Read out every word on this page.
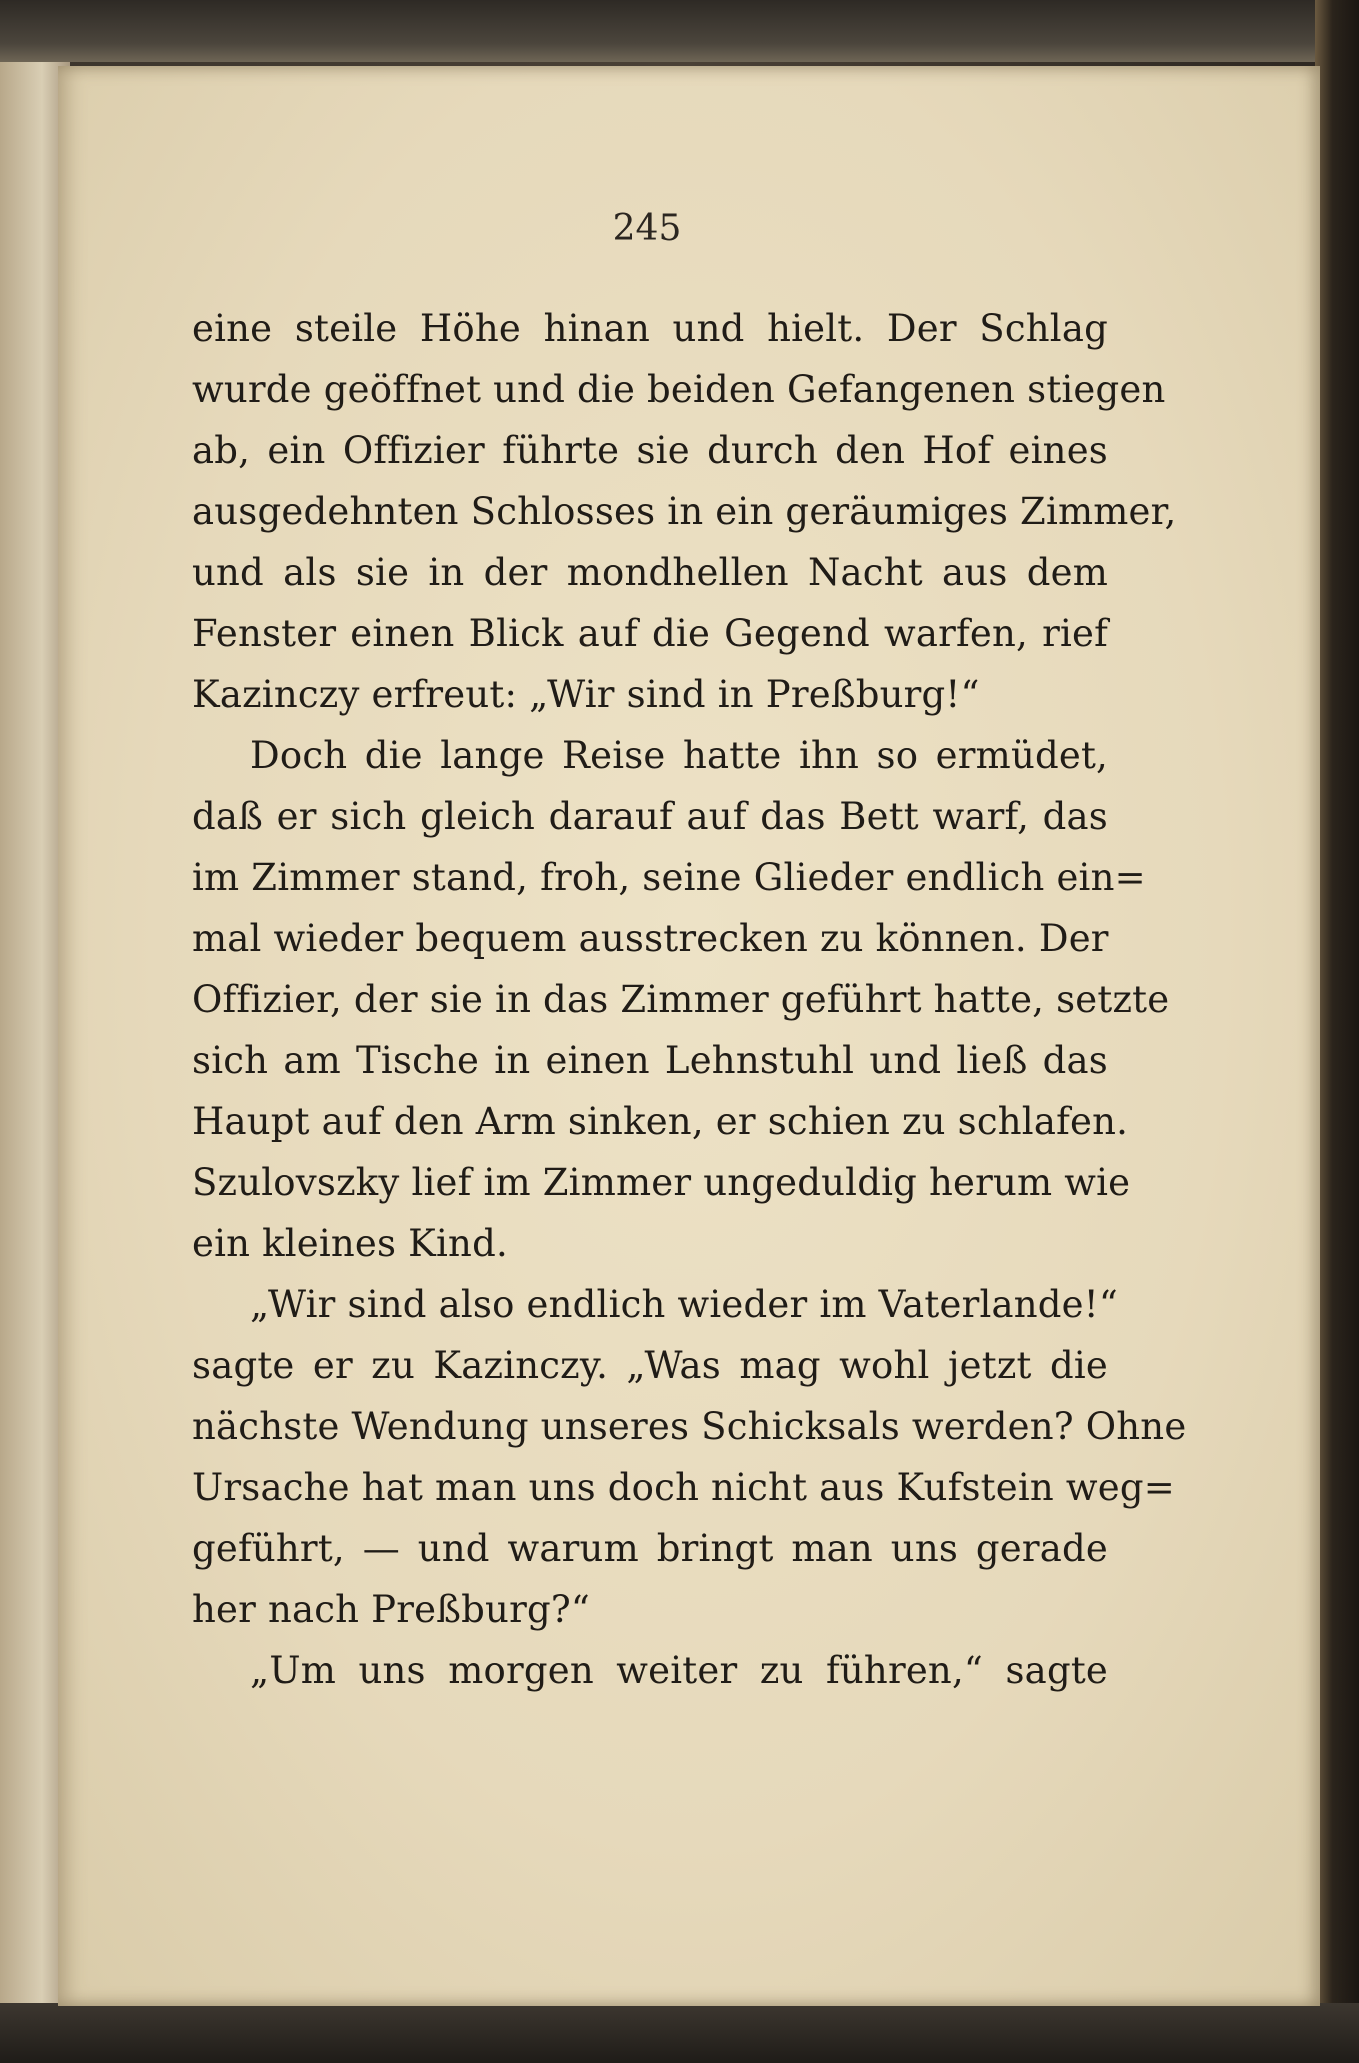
245
eine steile Höhe hinan und hielt. Der Schlag
wurde geöffnet und die beiden Gefangenen stiegen
ab, ein Offizier führte sie durch den Hof eines
ausgedehnten Schlosses in ein geräumiges Zimmer,
und als sie in der mondhellen Nacht aus dem
Fenster einen Blick auf die Gegend warfen, rief
Kazinczy erfreut: „Wir sind in Preßburg!“
Doch die lange Reise hatte ihn so ermüdet,
daß er sich gleich darauf auf das Bett warf, das
im Zimmer stand, froh, seine Glieder endlich ein=
mal wieder bequem ausstrecken zu können. Der
Offizier, der sie in das Zimmer geführt hatte, setzte
sich am Tische in einen Lehnstuhl und ließ das
Haupt auf den Arm sinken, er schien zu schlafen.
Szulovszky lief im Zimmer ungeduldig herum wie
ein kleines Kind.
„Wir sind also endlich wieder im Vaterlande!“
sagte er zu Kazinczy. „Was mag wohl jetzt die
nächste Wendung unseres Schicksals werden? Ohne
Ursache hat man uns doch nicht aus Kufstein weg=
geführt, — und warum bringt man uns gerade
her nach Preßburg?“
„Um uns morgen weiter zu führen,“ sagte
